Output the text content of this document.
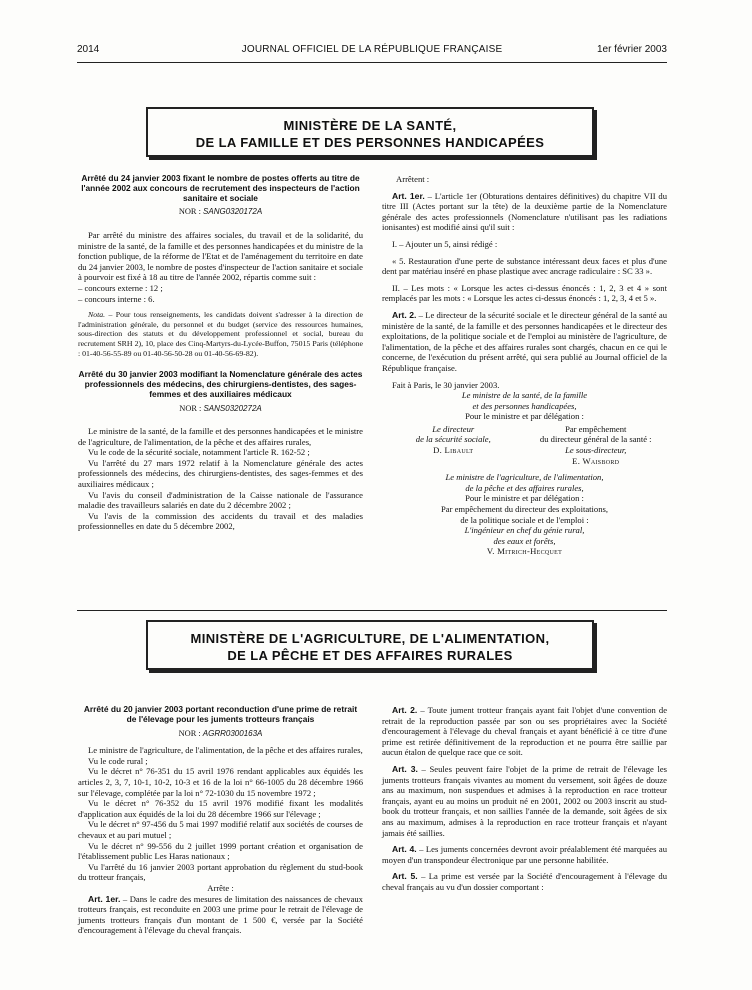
2014	JOURNAL OFFICIEL DE LA RÉPUBLIQUE FRANÇAISE	1er février 2003
MINISTÈRE DE LA SANTÉ,
DE LA FAMILLE ET DES PERSONNES HANDICAPÉES
Arrêté du 24 janvier 2003 fixant le nombre de postes offerts au titre de l'année 2002 aux concours de recrutement des inspecteurs de l'action sanitaire et sociale
NOR : SANG0320172A

Par arrêté du ministre des affaires sociales, du travail et de la solidarité, du ministre de la santé, de la famille et des personnes handicapées et du ministre de la fonction publique, de la réforme de l'Etat et de l'aménagement du territoire en date du 24 janvier 2003, le nombre de postes d'inspecteur de l'action sanitaire et sociale à pourvoir est fixé à 18 au titre de l'année 2002, répartis comme suit :

– concours externe : 12 ;

– concours interne : 6.

Nota. – Pour tous renseignements, les candidats doivent s'adresser à la direction de l'administration générale, du personnel et du budget (service des ressources humaines, sous-direction des statuts et du développement professionnel et social, bureau du recrutement SRH 2), 10, place des Cinq-Martyrs-du-Lycée-Buffon, 75015 Paris (téléphone : 01-40-56-55-89 ou 01-40-56-50-28 ou 01-40-56-69-82).

Arrêté du 30 janvier 2003 modifiant la Nomenclature générale des actes professionnels des médecins, des chirurgiens-dentistes, des sages-femmes et des auxiliaires médicaux
NOR : SANS0320272A

Le ministre de la santé, de la famille et des personnes handicapées et le ministre de l'agriculture, de l'alimentation, de la pêche et des affaires rurales,

Vu le code de la sécurité sociale, notamment l'article R. 162-52 ;

Vu l'arrêté du 27 mars 1972 relatif à la Nomenclature générale des actes professionnels des médecins, des chirurgiens-dentistes, des sages-femmes et des auxiliaires médicaux ;

Vu l'avis du conseil d'administration de la Caisse nationale de l'assurance maladie des travailleurs salariés en date du 2 décembre 2002 ;

Vu l'avis de la commission des accidents du travail et des maladies professionnelles en date du 5 décembre 2002,

Arrêtent :

Art. 1er. – L'article 1er (Obturations dentaires définitives) du chapitre VII du titre III (Actes portant sur la tête) de la deuxième partie de la Nomenclature générale des actes professionnels (Nomenclature n'utilisant pas les radiations ionisantes) est modifié ainsi qu'il suit :

I. – Ajouter un 5, ainsi rédigé :

« 5. Restauration d'une perte de substance intéressant deux faces et plus d'une dent par matériau inséré en phase plastique avec ancrage radiculaire : SC 33 ».

II. – Les mots : « Lorsque les actes ci-dessus énoncés : 1, 2, 3 et 4 » sont remplacés par les mots : « Lorsque les actes ci-dessus énoncés : 1, 2, 3, 4 et 5 ».

Art. 2. – Le directeur de la sécurité sociale et le directeur général de la santé au ministère de la santé, de la famille et des personnes handicapées et le directeur des exploitations, de la politique sociale et de l'emploi au ministère de l'agriculture, de l'alimentation, de la pêche et des affaires rurales sont chargés, chacun en ce qui le concerne, de l'exécution du présent arrêté, qui sera publié au Journal officiel de la République française.

Fait à Paris, le 30 janvier 2003.

Le ministre de la santé, de la famille
et des personnes handicapées,
Pour le ministre et par délégation :
Le directeur
de la sécurité sociale,
D. Libault
Par empêchement
du directeur général de la santé :
Le sous-directeur,
E. Waisbord
Le ministre de l'agriculture, de l'alimentation,
de la pêche et des affaires rurales,
Pour le ministre et par délégation :
Par empêchement du directeur des exploitations,
de la politique sociale et de l'emploi :
L'ingénieur en chef du génie rural,
des eaux et forêts,
V. Mitrich-Hecquet
MINISTÈRE DE L'AGRICULTURE, DE L'ALIMENTATION,
DE LA PÊCHE ET DES AFFAIRES RURALES
Arrêté du 20 janvier 2003 portant reconduction d'une prime de retrait de l'élevage pour les juments trotteurs français
NOR : AGRR0300163A

Le ministre de l'agriculture, de l'alimentation, de la pêche et des affaires rurales,

Vu le code rural ;

Vu le décret n° 76-351 du 15 avril 1976 rendant applicables aux équidés les articles 2, 3, 7, 10-1, 10-2, 10-3 et 16 de la loi n° 66-1005 du 28 décembre 1966 sur l'élevage, complétée par la loi n° 72-1030 du 15 novembre 1972 ;

Vu le décret n° 76-352 du 15 avril 1976 modifié fixant les modalités d'application aux équidés de la loi du 28 décembre 1966 sur l'élevage ;

Vu le décret n° 97-456 du 5 mai 1997 modifié relatif aux sociétés de courses de chevaux et au pari mutuel ;

Vu le décret n° 99-556 du 2 juillet 1999 portant création et organisation de l'établissement public Les Haras nationaux ;

Vu l'arrêté du 16 janvier 2003 portant approbation du règlement du stud-book du trotteur français,

Arrête :

Art. 1er. – Dans le cadre des mesures de limitation des naissances de chevaux trotteurs français, est reconduite en 2003 une prime pour le retrait de l'élevage de juments trotteurs français d'un montant de 1 500 €, versée par la Société d'encouragement à l'élevage du cheval français.

Art. 2. – Toute jument trotteur français ayant fait l'objet d'une convention de retrait de la reproduction passée par son ou ses propriétaires avec la Société d'encouragement à l'élevage du cheval français et ayant bénéficié à ce titre d'une prime est retirée définitivement de la reproduction et ne pourra être saillie par aucun étalon de quelque race que ce soit.

Art. 3. – Seules peuvent faire l'objet de la prime de retrait de l'élevage les juments trotteurs français vivantes au moment du versement, soit âgées de douze ans au maximum, non suspendues et admises à la reproduction en race trotteur français, ayant eu au moins un produit né en 2001, 2002 ou 2003 inscrit au stud-book du trotteur français, et non saillies l'année de la demande, soit âgées de six ans au maximum, admises à la reproduction en race trotteur français et n'ayant jamais été saillies.

Art. 4. – Les juments concernées devront avoir préalablement été marquées au moyen d'un transpondeur électronique par une personne habilitée.

Art. 5. – La prime est versée par la Société d'encouragement à l'élevage du cheval français au vu d'un dossier comportant :
